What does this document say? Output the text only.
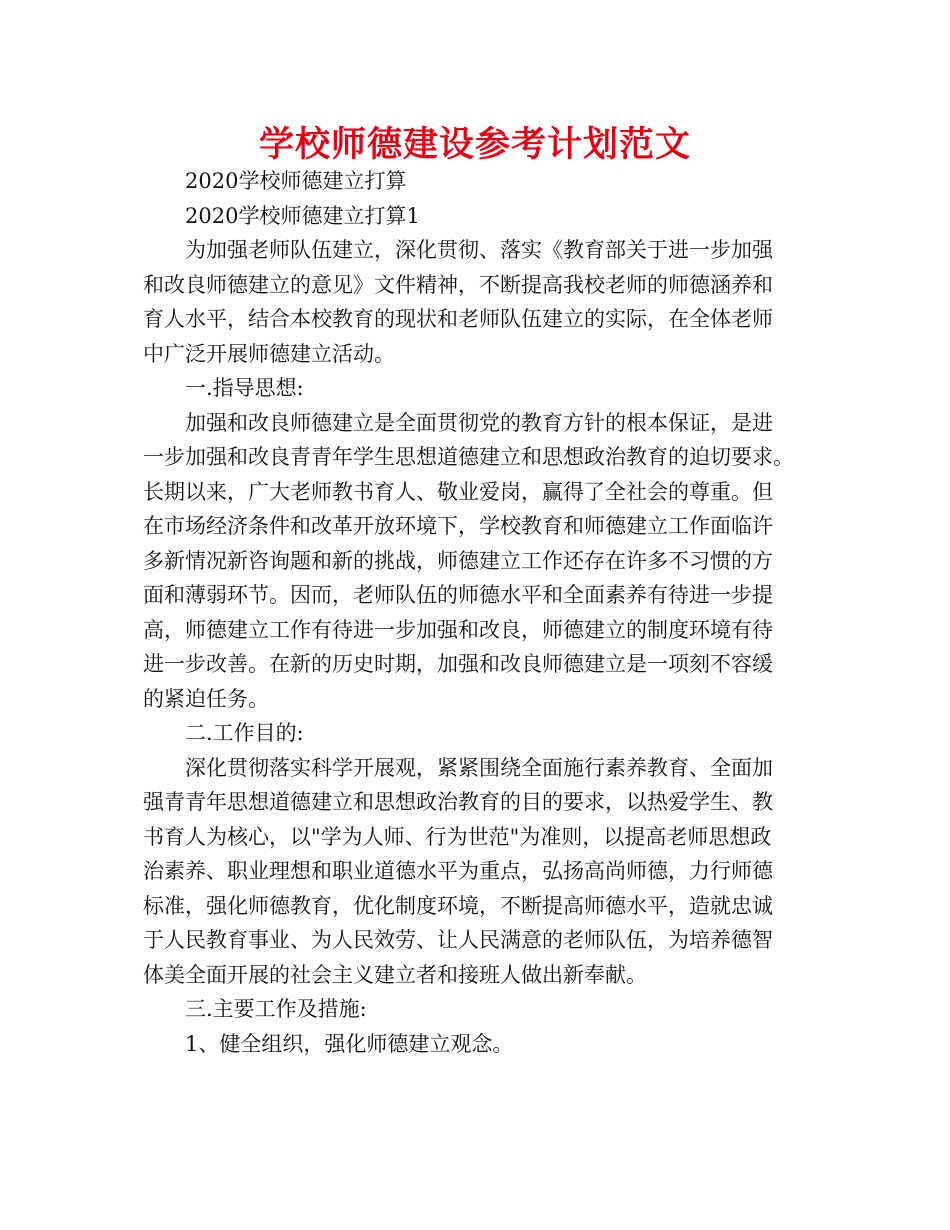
学校师德建设参考计划范文
2020学校师德建立打算
2020学校师德建立打算1
为加强老师队伍建立，深化贯彻、落实《教育部关于进一步加强
和改良师德建立的意见》文件精神，不断提高我校老师的师德涵养和
育人水平，结合本校教育的现状和老师队伍建立的实际，在全体老师
中广泛开展师德建立活动。
一.指导思想:
加强和改良师德建立是全面贯彻党的教育方针的根本保证，是进
一步加强和改良青青年学生思想道德建立和思想政治教育的迫切要求。
长期以来，广大老师教书育人、敬业爱岗，赢得了全社会的尊重。但
在市场经济条件和改革开放环境下，学校教育和师德建立工作面临许
多新情况新咨询题和新的挑战，师德建立工作还存在许多不习惯的方
面和薄弱环节。因而，老师队伍的师德水平和全面素养有待进一步提
高，师德建立工作有待进一步加强和改良，师德建立的制度环境有待
进一步改善。在新的历史时期，加强和改良师德建立是一项刻不容缓
的紧迫任务。
二.工作目的:
深化贯彻落实科学开展观，紧紧围绕全面施行素养教育、全面加
强青青年思想道德建立和思想政治教育的目的要求，以热爱学生、教
书育人为核心，以"学为人师、行为世范"为准则，以提高老师思想政
治素养、职业理想和职业道德水平为重点，弘扬高尚师德，力行师德
标准，强化师德教育，优化制度环境，不断提高师德水平，造就忠诚
于人民教育事业、为人民效劳、让人民满意的老师队伍，为培养德智
体美全面开展的社会主义建立者和接班人做出新奉献。
三.主要工作及措施:
1、健全组织，强化师德建立观念。
